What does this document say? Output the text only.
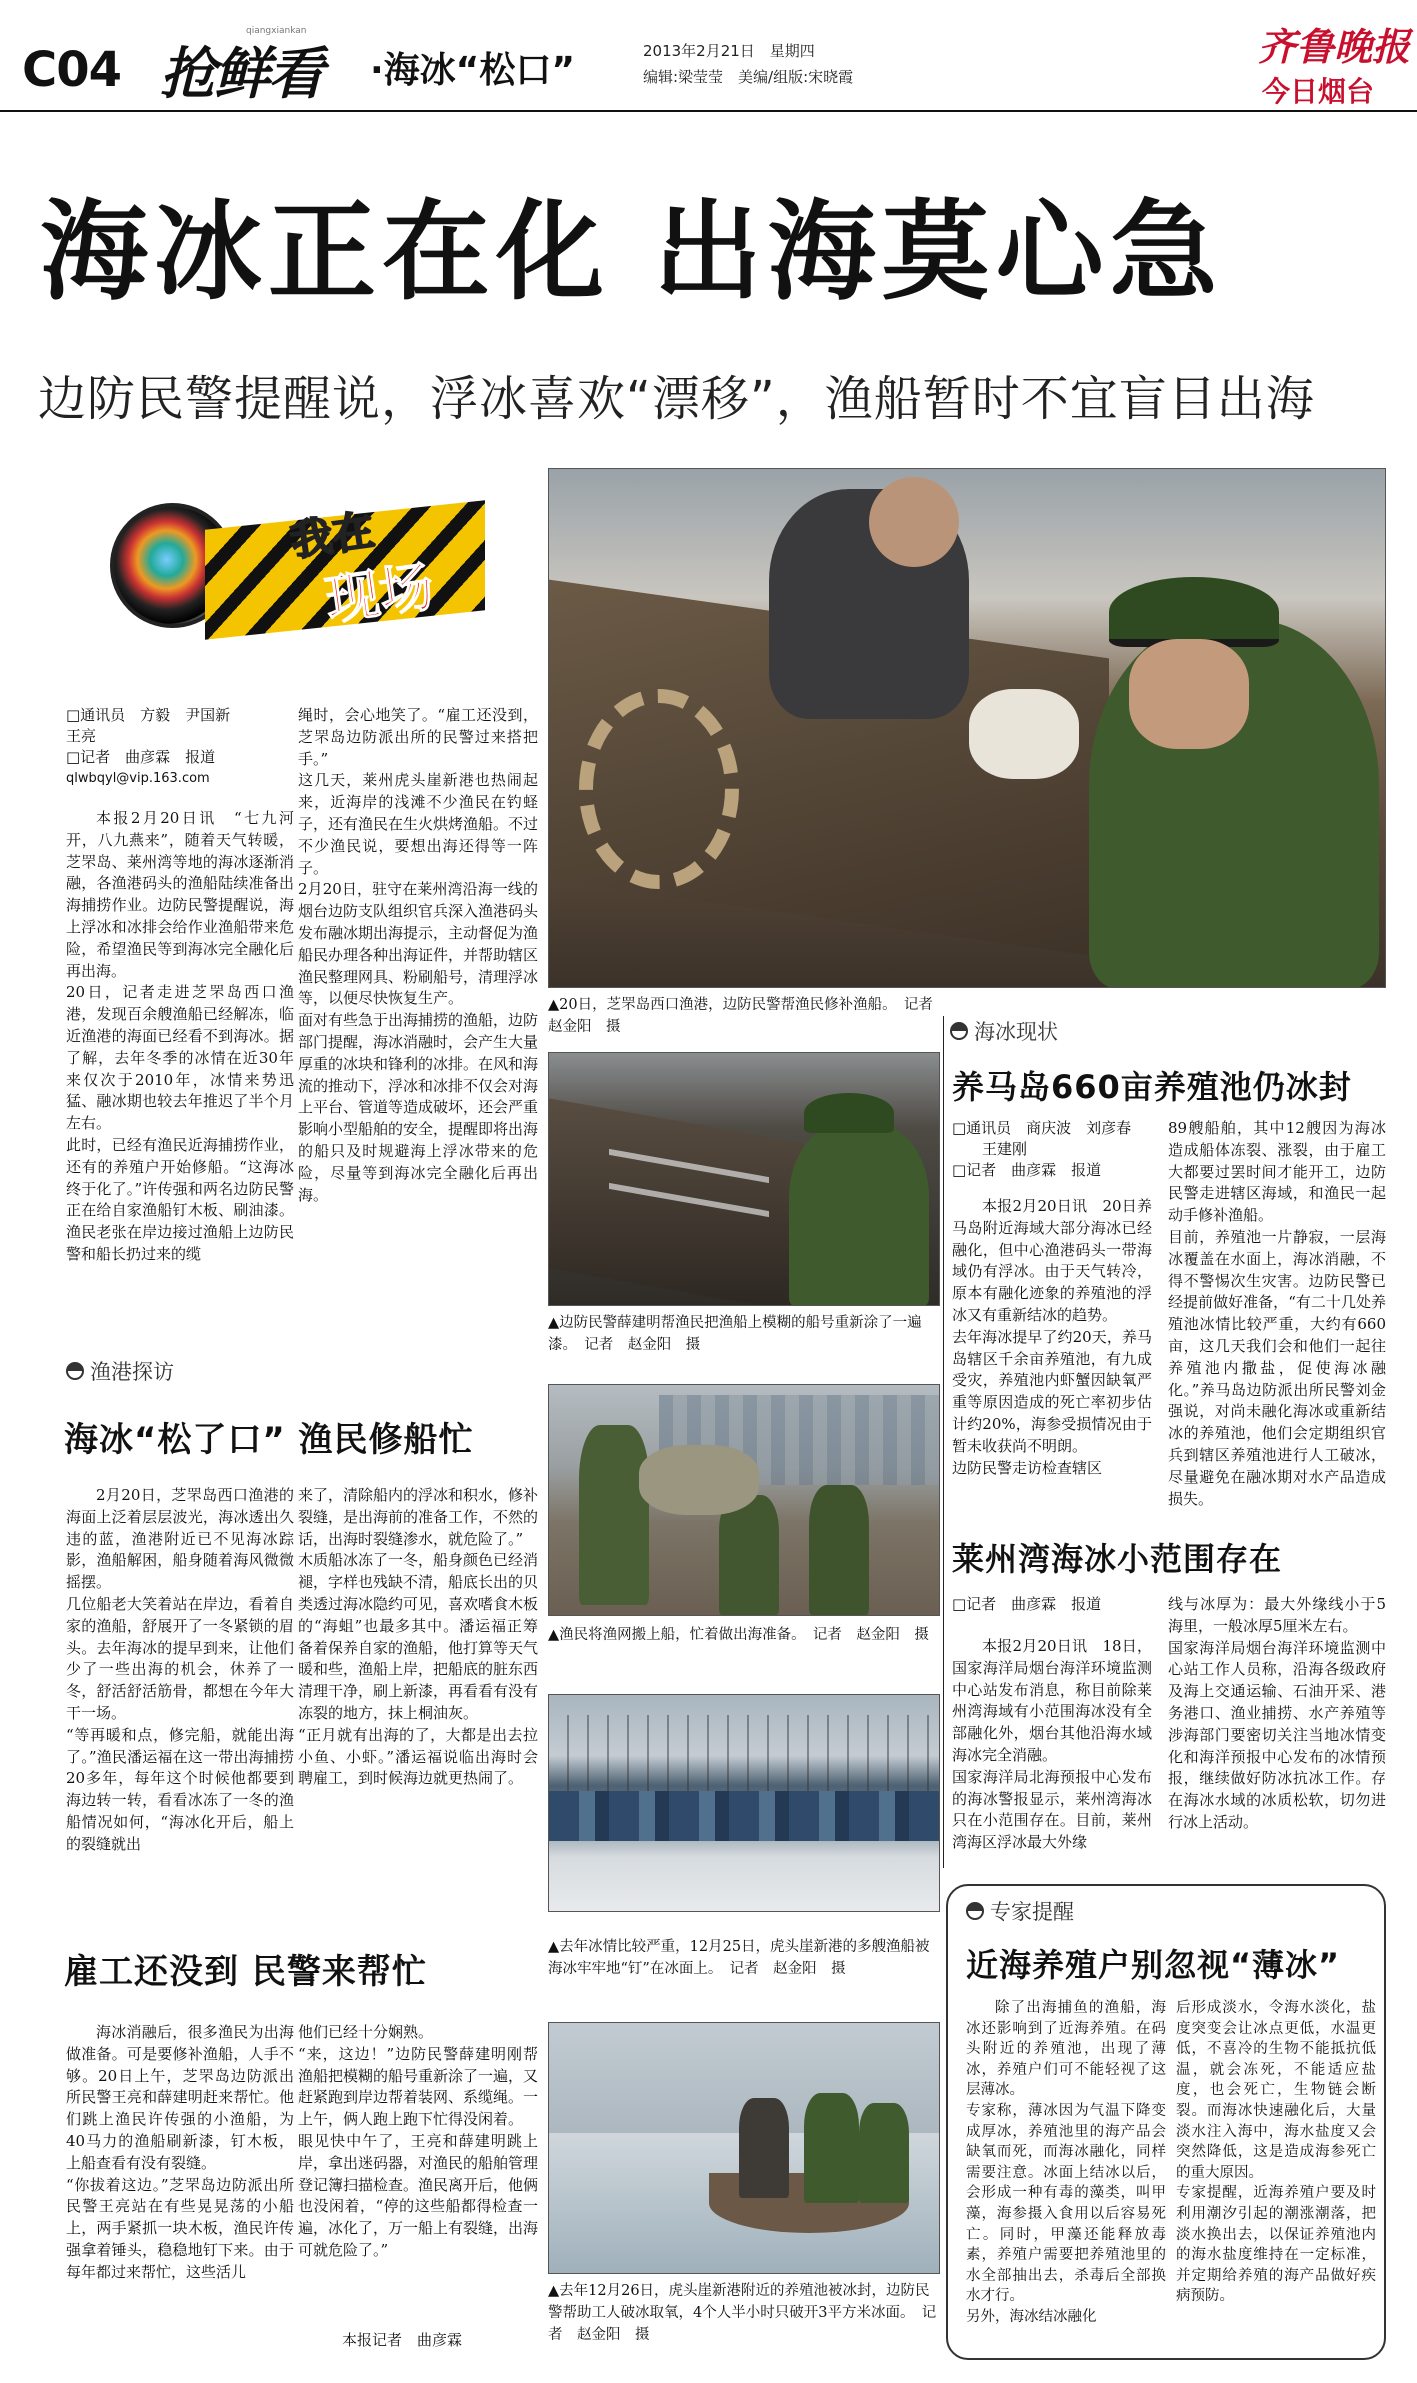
C04 抢鲜看
qiangxiankan
·海冰“松口”	2013年2月21日　星期四
编辑:梁莹莹　美编/组版:宋晓霞
齐鲁晚报
今日烟台
海冰正在化 出海莫心急
边防民警提醒说，浮冰喜欢“漂移”，渔船暂时不宜盲目出海
我在
现场
□通讯员　方毅　尹国新
王亮
□记者　曲彦霖　报道
qlwbqyl@vip.163.com
本报2月20日讯　“七九河开，八九燕来”，随着天气转暖，芝罘岛、莱州湾等地的海冰逐渐消融，各渔港码头的渔船陆续准备出海捕捞作业。边防民警提醒说，海上浮冰和冰排会给作业渔船带来危险，希望渔民等到海冰完全融化后再出海。
20日，记者走进芝罘岛西口渔港，发现百余艘渔船已经解冻，临近渔港的海面已经看不到海冰。据了解，去年冬季的冰情在近30年来仅次于2010年，冰情来势迅猛、融冰期也较去年推迟了半个月左右。
此时，已经有渔民近海捕捞作业，还有的养殖户开始修船。“这海冰终于化了。”许传强和两名边防民警正在给自家渔船钉木板、刷油漆。渔民老张在岸边接过渔船上边防民警和船长扔过来的缆
绳时，会心地笑了。“雇工还没到，芝罘岛边防派出所的民警过来搭把手。”
这几天，莱州虎头崖新港也热闹起来，近海岸的浅滩不少渔民在钓蛏子，还有渔民在生火烘烤渔船。不过不少渔民说，要想出海还得等一阵子。
2月20日，驻守在莱州湾沿海一线的烟台边防支队组织官兵深入渔港码头发布融冰期出海提示，主动督促为渔船民办理各种出海证件，并帮助辖区渔民整理网具、粉刷船号，清理浮冰等，以便尽快恢复生产。
面对有些急于出海捕捞的渔船，边防部门提醒，海冰消融时，会产生大量厚重的冰块和锋利的冰排。在风和海流的推动下，浮冰和冰排不仅会对海上平台、管道等造成破坏，还会严重影响小型船舶的安全，提醒即将出海的船只及时规避海上浮冰带来的危险，尽量等到海冰完全融化后再出海。
渔港探访
海冰“松了口” 渔民修船忙
2月20日，芝罘岛西口渔港的海面上泛着层层波光，海冰透出久违的蓝，渔港附近已不见海冰踪影，渔船解困，船身随着海风微微摇摆。
几位船老大笑着站在岸边，看着自家的渔船，舒展开了一冬紧锁的眉头。去年海冰的提早到来，让他们少了一些出海的机会，休养了一冬，舒活舒活筋骨，都想在今年大干一场。
“等再暖和点，修完船，就能出海了。”渔民潘运福在这一带出海捕捞20多年，每年这个时候他都要到海边转一转，看看冰冻了一冬的渔船情况如何，“海冰化开后，船上的裂缝就出
来了，清除船内的浮冰和积水，修补裂缝，是出海前的准备工作，不然的话，出海时裂缝渗水，就危险了。”
木质船冰冻了一冬，船身颜色已经消褪，字样也残缺不清，船底长出的贝类透过海冰隐约可见，喜欢嗜食木板的“海蛆”也最多其中。潘运福正筹备着保养自家的渔船，他打算等天气暖和些，渔船上岸，把船底的脏东西清理干净，刷上新漆，再看看有没有冻裂的地方，抹上桐油灰。
“正月就有出海的了，大都是出去拉小鱼、小虾。”潘运福说临出海时会聘雇工，到时候海边就更热闹了。
雇工还没到 民警来帮忙
海冰消融后，很多渔民为出海做准备。可是要修补渔船，人手不够。20日上午，芝罘岛边防派出所民警王亮和薛建明赶来帮忙。他们跳上渔民许传强的小渔船，为40马力的渔船刷新漆，钉木板，上船查看有没有裂缝。
“你拔着这边。”芝罘岛边防派出所民警王亮站在有些晃晃荡的小船上，两手紧抓一块木板，渔民许传强拿着锤头，稳稳地钉下来。由于每年都过来帮忙，这些活儿
他们已经十分娴熟。
“来，这边！”边防民警薛建明刚帮渔船把模糊的船号重新涂了一遍，又赶紧跑到岸边帮着装网、系缆绳。一上午，俩人跑上跑下忙得没闲着。
眼见快中午了，王亮和薛建明跳上岸，拿出迷码器，对渔民的船舶管理登记簿扫描检查。渔民离开后，他俩也没闲着，“停的这些船都得检查一遍，冰化了，万一船上有裂缝，出海可就危险了。”
本报记者　曲彦霖
▲20日，芝罘岛西口渔港，边防民警帮渔民修补渔船。　记者　赵金阳　摄
▲边防民警薛建明帮渔民把渔船上模糊的船号重新涂了一遍漆。　记者　赵金阳　摄
▲渔民将渔网搬上船，忙着做出海准备。　记者　赵金阳　摄
▲去年冰情比较严重，12月25日，虎头崖新港的多艘渔船被海冰牢牢地“钉”在冰面上。　记者　赵金阳　摄
▲去年12月26日，虎头崖新港附近的养殖池被冰封，边防民警帮助工人破冰取氧，4个人半小时只破开3平方米冰面。　记者　赵金阳　摄
海冰现状
养马岛660亩养殖池仍冰封
□通讯员　商庆波　刘彦春
王建刚
□记者　曲彦霖　报道
本报2月20日讯　20日养马岛附近海域大部分海冰已经融化，但中心渔港码头一带海域仍有浮冰。由于天气转冷，原本有融化迹象的养殖池的浮冰又有重新结冰的趋势。
去年海冰提早了约20天，养马岛辖区千余亩养殖池，有九成受灾，养殖池内虾蟹因缺氧严重等原因造成的死亡率初步估计约20%，海参受损情况由于暂未收获尚不明朗。
边防民警走访检查辖区
89艘船舶，其中12艘因为海冰造成船体冻裂、涨裂，由于雇工大都要过罢时间才能开工，边防民警走进辖区海域，和渔民一起动手修补渔船。
目前，养殖池一片静寂，一层海冰覆盖在水面上，海冰消融，不得不警惕次生灾害。边防民警已经提前做好准备，“有二十几处养殖池冰情比较严重，大约有660亩，这几天我们会和他们一起往养殖池内撒盐，促使海冰融化。”养马岛边防派出所民警刘金强说，对尚未融化海冰或重新结冰的养殖池，他们会定期组织官兵到辖区养殖池进行人工破冰，尽量避免在融冰期对水产品造成损失。
莱州湾海冰小范围存在
□记者　曲彦霖　报道
本报2月20日讯　18日，国家海洋局烟台海洋环境监测中心站发布消息，称目前除莱州湾海域有小范围海冰没有全部融化外，烟台其他沿海水域海冰完全消融。
国家海洋局北海预报中心发布的海冰警报显示，莱州湾海冰只在小范围存在。目前，莱州湾海区浮冰最大外缘
线与冰厚为：最大外缘线小于5海里，一般冰厚5厘米左右。
国家海洋局烟台海洋环境监测中心站工作人员称，沿海各级政府及海上交通运输、石油开采、港务港口、渔业捕捞、水产养殖等涉海部门要密切关注当地冰情变化和海洋预报中心发布的冰情预报，继续做好防冰抗冰工作。存在海冰水域的冰质松软，切勿进行冰上活动。
专家提醒
近海养殖户别忽视“薄冰”
除了出海捕鱼的渔船，海冰还影响到了近海养殖。在码头附近的养殖池，出现了薄冰，养殖户们可不能轻视了这层薄冰。
专家称，薄冰因为气温下降变成厚冰，养殖池里的海产品会缺氧而死，而海冰融化，同样需要注意。冰面上结冰以后，会形成一种有毒的藻类，叫甲藻，海参摄入食用以后容易死亡。同时，甲藻还能释放毒素，养殖户需要把养殖池里的水全部抽出去，杀毒后全部换水才行。
另外，海冰结冰融化
后形成淡水，令海水淡化，盐度突变会让冰点更低，水温更低，不喜冷的生物不能抵抗低温，就会冻死，不能适应盐度，也会死亡，生物链会断裂。而海冰快速融化后，大量淡水注入海中，海水盐度又会突然降低，这是造成海参死亡的重大原因。
专家提醒，近海养殖户要及时利用潮汐引起的潮涨潮落，把淡水换出去，以保证养殖池内的海水盐度维持在一定标准，并定期给养殖的海产品做好疾病预防。
